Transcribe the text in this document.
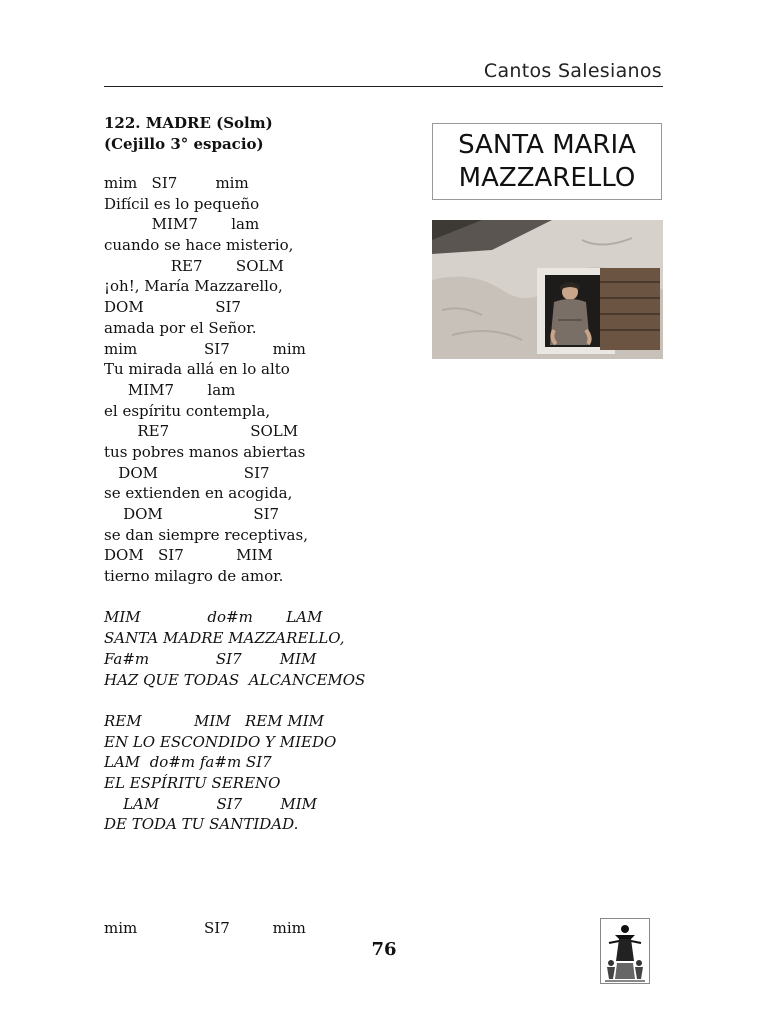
Cantos Salesianos
122. MADRE (Solm)
(Cejillo 3° espacio)
mim   SI7        mim
Difícil es lo pequeño
MIM7       lam
cuando se hace misterio,
RE7       SOLM
¡oh!, María Mazzarello,
DOM               SI7
amada por el Señor.
mim              SI7         mim
Tu mirada allá en lo alto
MIM7       lam
el espíritu contempla,
RE7                 SOLM
tus pobres manos abiertas
DOM                  SI7
se extienden en acogida,
DOM                   SI7
se dan siempre receptivas,
DOM   SI7           MIM
tierno milagro de amor.
MIM              do#m       LAM
SANTA MADRE MAZZARELLO,
Fa#m              SI7        MIM
HAZ QUE TODAS  ALCANCEMOS
REM           MIM   REM MIM
EN LO ESCONDIDO Y MIEDO
LAM  do#m fa#m SI7
EL ESPÍRITU SERENO
LAM            SI7        MIM
DE TODA TU SANTIDAD.
mim              SI7         mim
SANTA MARIA MAZZARELLO
76
